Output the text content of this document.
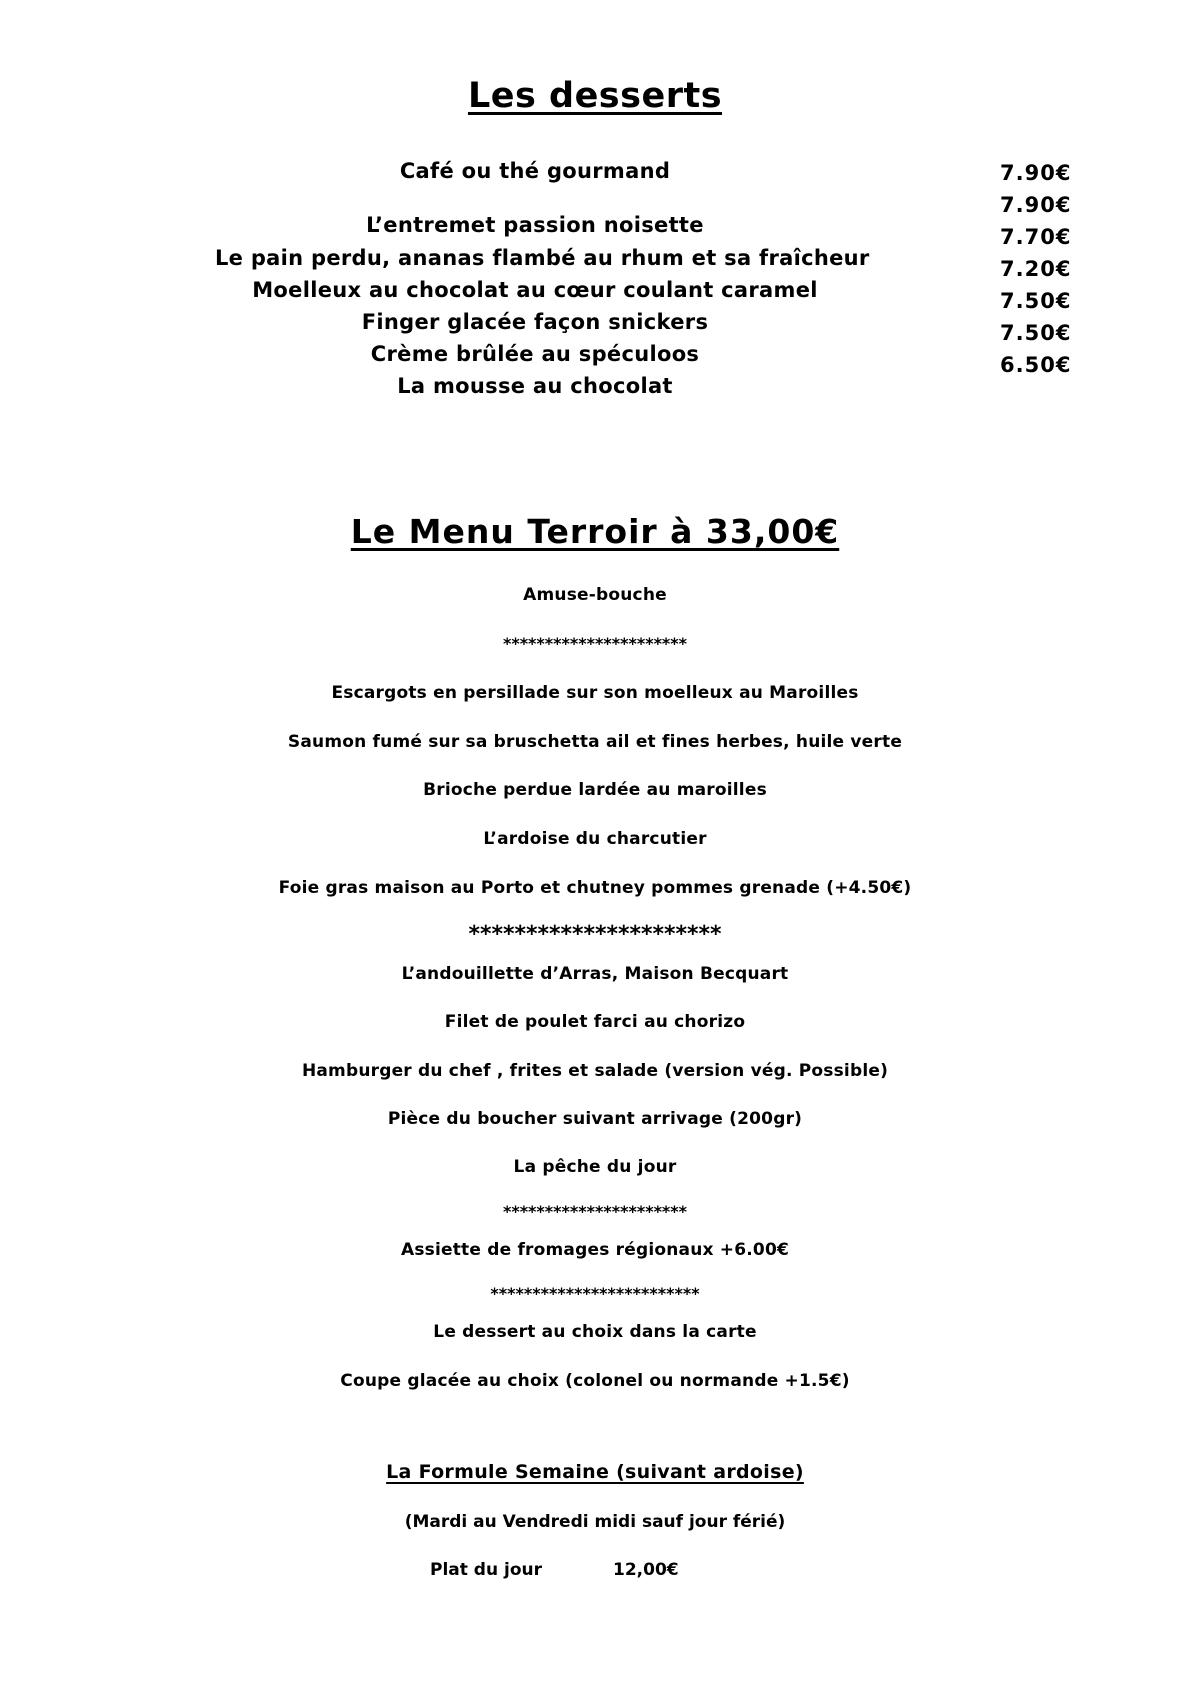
Les desserts
Café ou thé gourmand
L’entremet passion noisette
Le pain perdu, ananas flambé au rhum et sa fraîcheur
Moelleux au chocolat au cœur coulant caramel
Finger glacée façon snickers
Crème brûlée au spéculoos
La mousse au chocolat
7.90€
7.90€
7.70€
7.20€
7.50€
7.50€
6.50€
Le Menu Terroir à 33,00€
Amuse-bouche
**********************
Escargots en persillade sur son moelleux au Maroilles
Saumon fumé sur sa bruschetta ail et fines herbes, huile verte
Brioche perdue lardée au maroilles
L’ardoise du charcutier
Foie gras maison au Porto et chutney pommes grenade (+4.50€)
**********************
L’andouillette d’Arras, Maison Becquart
Filet de poulet farci au chorizo
Hamburger du chef , frites et salade (version vég. Possible)
Pièce du boucher suivant arrivage (200gr)
La pêche du jour
**********************
Assiette de fromages régionaux +6.00€
*************************
Le dessert au choix dans la carte
Coupe glacée au choix (colonel ou normande +1.5€)
La Formule Semaine (suivant ardoise)
(Mardi au Vendredi midi sauf jour férié)
Plat du jour	12,00€
